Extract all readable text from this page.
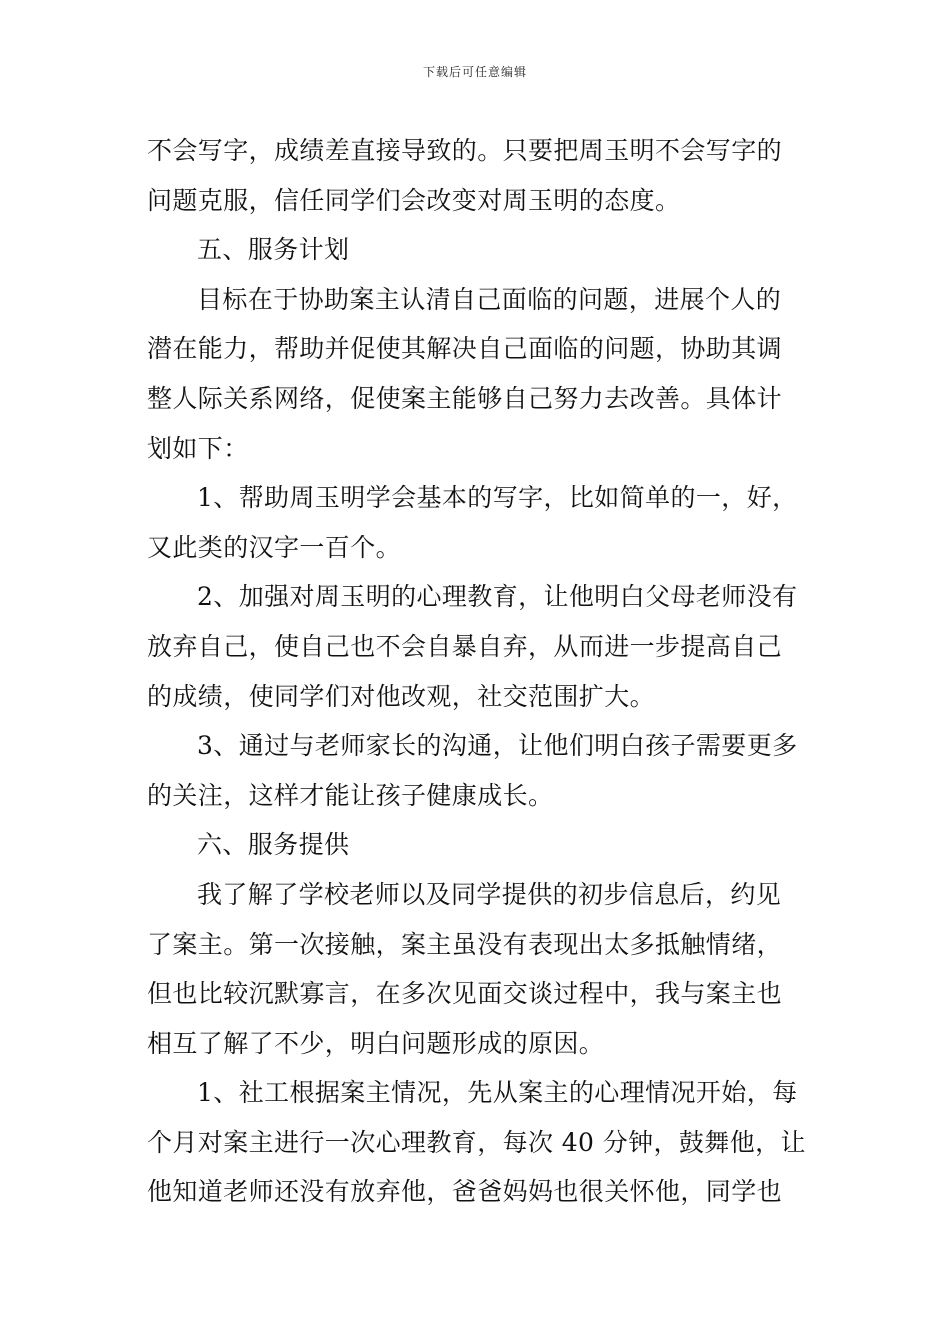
下载后可任意编辑
不会写字，成绩差直接导致的。只要把周玉明不会写字的
问题克服，信任同学们会改变对周玉明的态度。
五、服务计划
目标在于协助案主认清自己面临的问题，进展个人的
潜在能力，帮助并促使其解决自己面临的问题，协助其调
整人际关系网络，促使案主能够自己努力去改善。具体计
划如下：
1、帮助周玉明学会基本的写字，比如简单的一，好，
又此类的汉字一百个。
2、加强对周玉明的心理教育，让他明白父母老师没有
放弃自己，使自己也不会自暴自弃，从而进一步提高自己
的成绩，使同学们对他改观，社交范围扩大。
3、通过与老师家长的沟通，让他们明白孩子需要更多
的关注，这样才能让孩子健康成长。
六、服务提供
我了解了学校老师以及同学提供的初步信息后，约见
了案主。第一次接触，案主虽没有表现出太多抵触情绪，
但也比较沉默寡言，在多次见面交谈过程中，我与案主也
相互了解了不少，明白问题形成的原因。
1、社工根据案主情况，先从案主的心理情况开始，每
个月对案主进行一次心理教育，每次 40 分钟，鼓舞他，让
他知道老师还没有放弃他，爸爸妈妈也很关怀他，同学也
